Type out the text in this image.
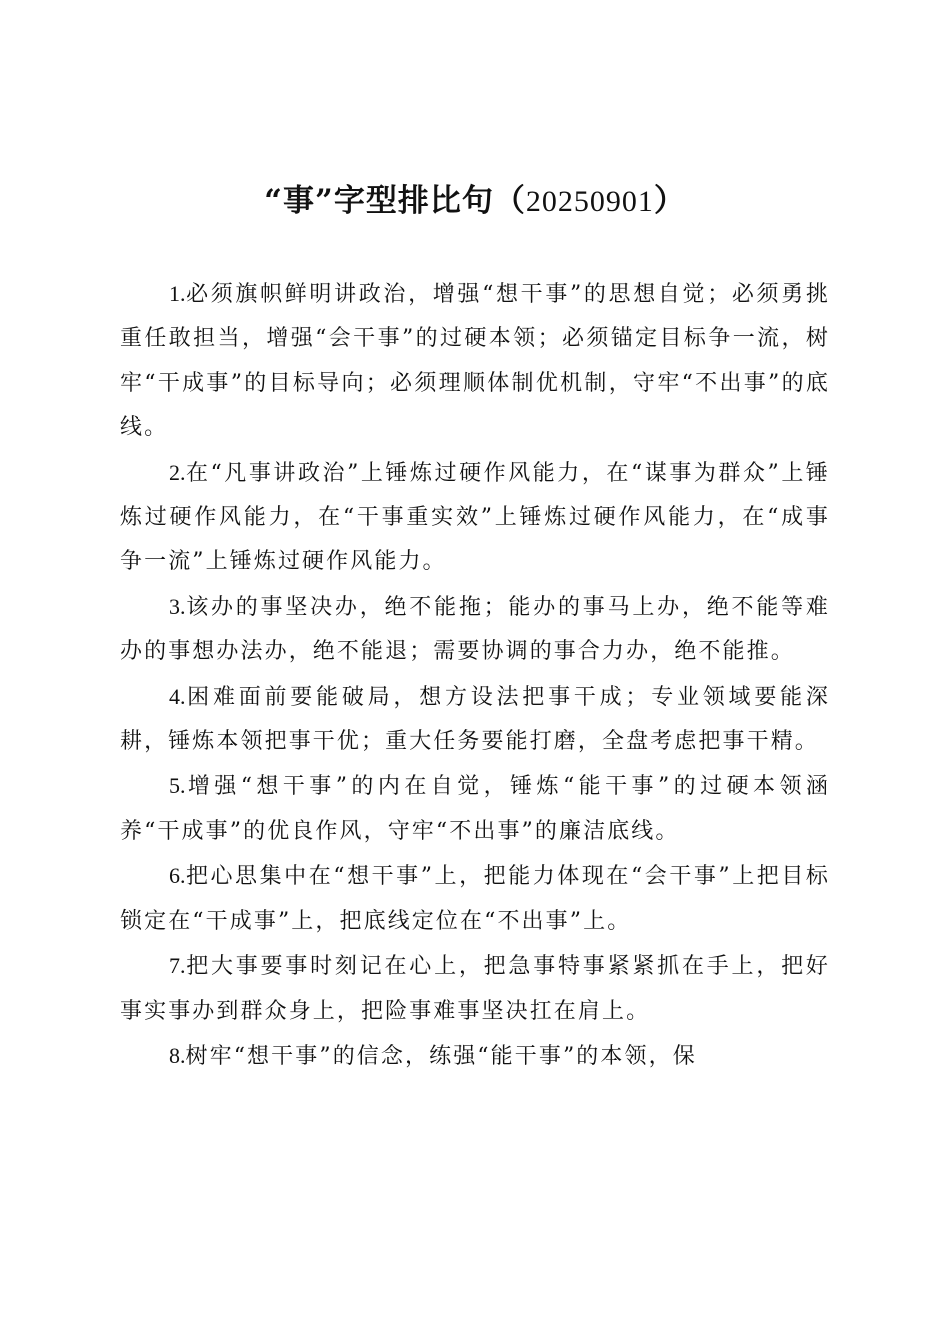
“事”字型排比句（20250901）

1.必须旗帜鲜明讲政治，增强“想干事”的思想自觉；必须勇挑重任敢担当，增强“会干事”的过硬本领；必须锚定目标争一流，树牢“干成事”的目标导向；必须理顺体制优机制，守牢“不出事”的底线。

2.在“凡事讲政治”上锤炼过硬作风能力，在“谋事为群众”上锤炼过硬作风能力，在“干事重实效”上锤炼过硬作风能力，在“成事争一流”上锤炼过硬作风能力。

3.该办的事坚决办，绝不能拖；能办的事马上办，绝不能等难办的事想办法办，绝不能退；需要协调的事合力办，绝不能推。

4.困难面前要能破局，想方设法把事干成；专业领域要能深耕，锤炼本领把事干优；重大任务要能打磨，全盘考虑把事干精。

5.增强“想干事”的内在自觉，锤炼“能干事”的过硬本领涵养“干成事”的优良作风，守牢“不出事”的廉洁底线。

6.把心思集中在“想干事”上，把能力体现在“会干事”上把目标锁定在“干成事”上，把底线定位在“不出事”上。

7.把大事要事时刻记在心上，把急事特事紧紧抓在手上，把好事实事办到群众身上，把险事难事坚决扛在肩上。

8.树牢“想干事”的信念，练强“能干事”的本领，保
